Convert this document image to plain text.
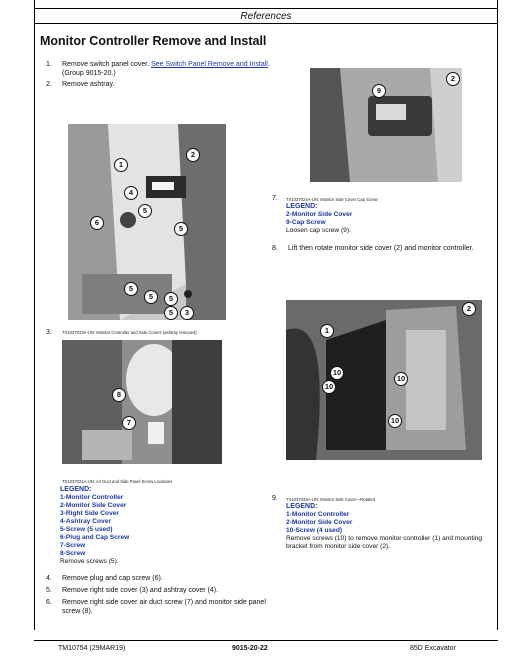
References
Monitor Controller Remove and Install
1.	Remove switch panel cover. See Switch Panel Remove and Install. (Group 9015-20.)
2.	Remove ashtray.
1
2
4
5
6
5
5
5	5
5	3
3.	TX1037023A-UN: Monitor Controller and Side Covers (ashtray removed)
8
7
TX1037021A-UN: Air Duct and Side Panel Screw Locations
LEGEND:
1-Monitor Controller
2-Monitor Side Cover
3-Right Side Cover
4-Ashtray Cover
5-Screw (5 used)
6-Plug and Cap Screw
7-Screw
8-Screw
Remove screws (5).
4.	Remove plug and cap screw (6).
5.	Remove right side cover (3) and ashtray cover (4).
6.	Remove right side cover air duct screw (7) and monitor side panel screw (8).
9
2
7.	TX1037024A-UN: Monitor Side Cover Cap Screw
LEGEND:
2-Monitor Side Cover
9-Cap Screw
Loosen cap screw (9).
8.	Lift then rotate monitor side cover (2) and monitor controller.
1
2
10
10
10
10
9.	TX1037025A-UN: Monitor Side Cover—Rotated
LEGEND:
1-Monitor Controller
2-Monitor Side Cover
10-Screw (4 used)
Remove screws (10) to remove monitor controller (1) and mounting bracket from monitor side cover (2).
TM10754 (29MAR19)	9015-20-22	85D Excavator
